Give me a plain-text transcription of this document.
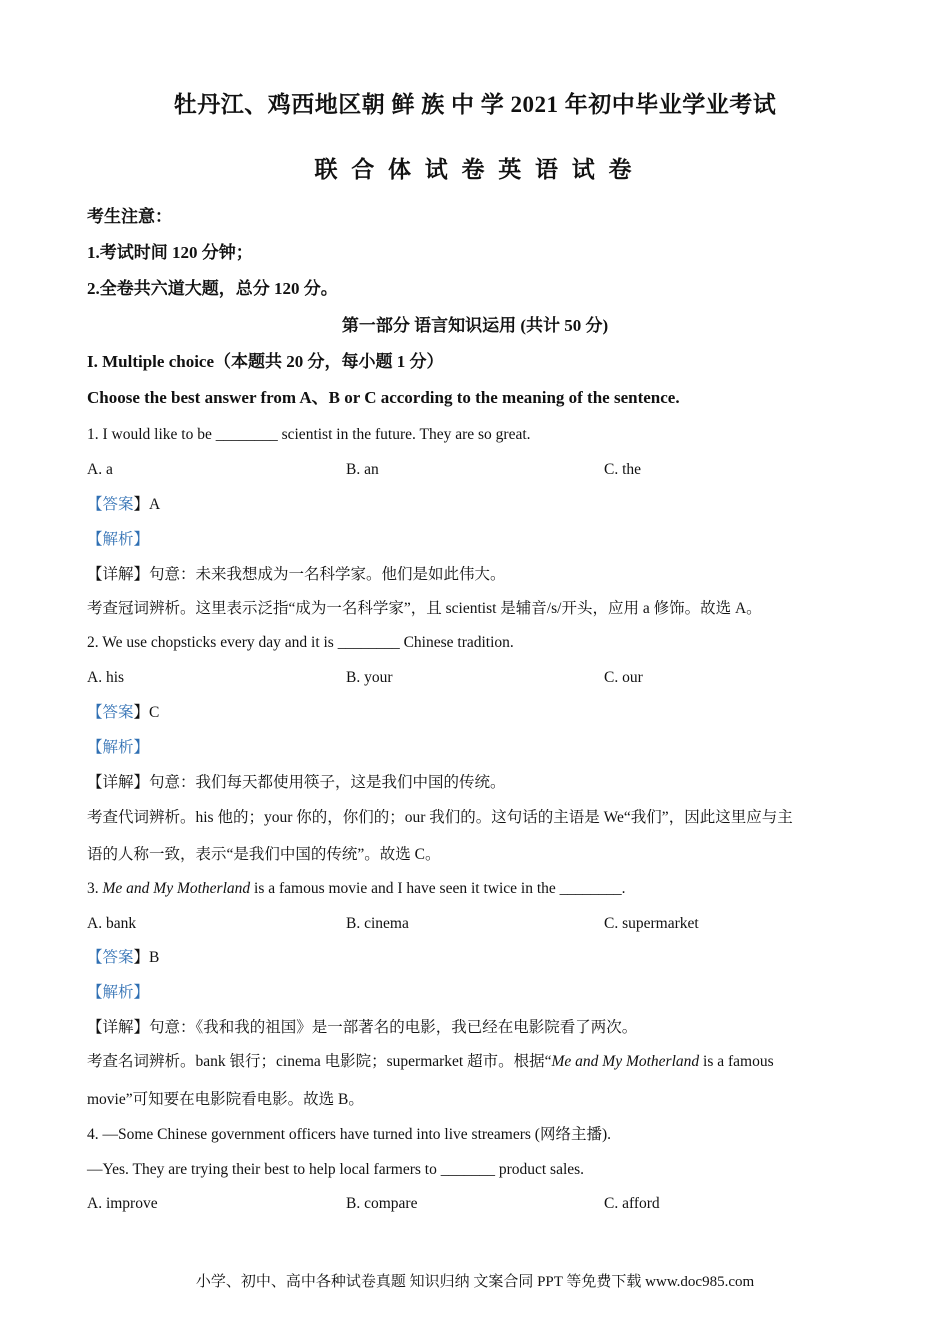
牡丹江、鸡西地区朝 鲜 族 中 学 2021 年初中毕业学业考试
联 合 体 试 卷 英 语 试 卷
考生注意：
1.考试时间 120 分钟；
2.全卷共六道大题，总分 120 分。
第一部分 语言知识运用 (共计 50 分)
I. Multiple choice（本题共 20 分，每小题 1 分）
Choose the best answer from A、B or C according to the meaning of the sentence.
1. I would like to be ________ scientist in the future. They are so great.
A. a	B. an	C. the
【答案】A
【解析】
【详解】句意：未来我想成为一名科学家。他们是如此伟大。
考查冠词辨析。这里表示泛指“成为一名科学家”，且 scientist 是辅音/s/开头，应用 a 修饰。故选 A。
2. We use chopsticks every day and it is ________ Chinese tradition.
A. his	B. your	C. our
【答案】C
【解析】
【详解】句意：我们每天都使用筷子，这是我们中国的传统。
考查代词辨析。his 他的；your 你的，你们的；our 我们的。这句话的主语是 We“我们”，因此这里应与主
语的人称一致，表示“是我们中国的传统”。故选 C。
3. Me and My Motherland is a famous movie and I have seen it twice in the ________.
A. bank	B. cinema	C. supermarket
【答案】B
【解析】
【详解】句意：《我和我的祖国》是一部著名的电影，我已经在电影院看了两次。
考查名词辨析。bank 银行；cinema 电影院；supermarket 超市。根据“Me and My Motherland is a famous
movie”可知要在电影院看电影。故选 B。
4. —Some Chinese government officers have turned into live streamers (网络主播).
—Yes. They are trying their best to help local farmers to _______ product sales.
A. improve	B. compare	C. afford
小学、初中、高中各种试卷真题 知识归纳 文案合同 PPT 等免费下载 www.doc985.com
